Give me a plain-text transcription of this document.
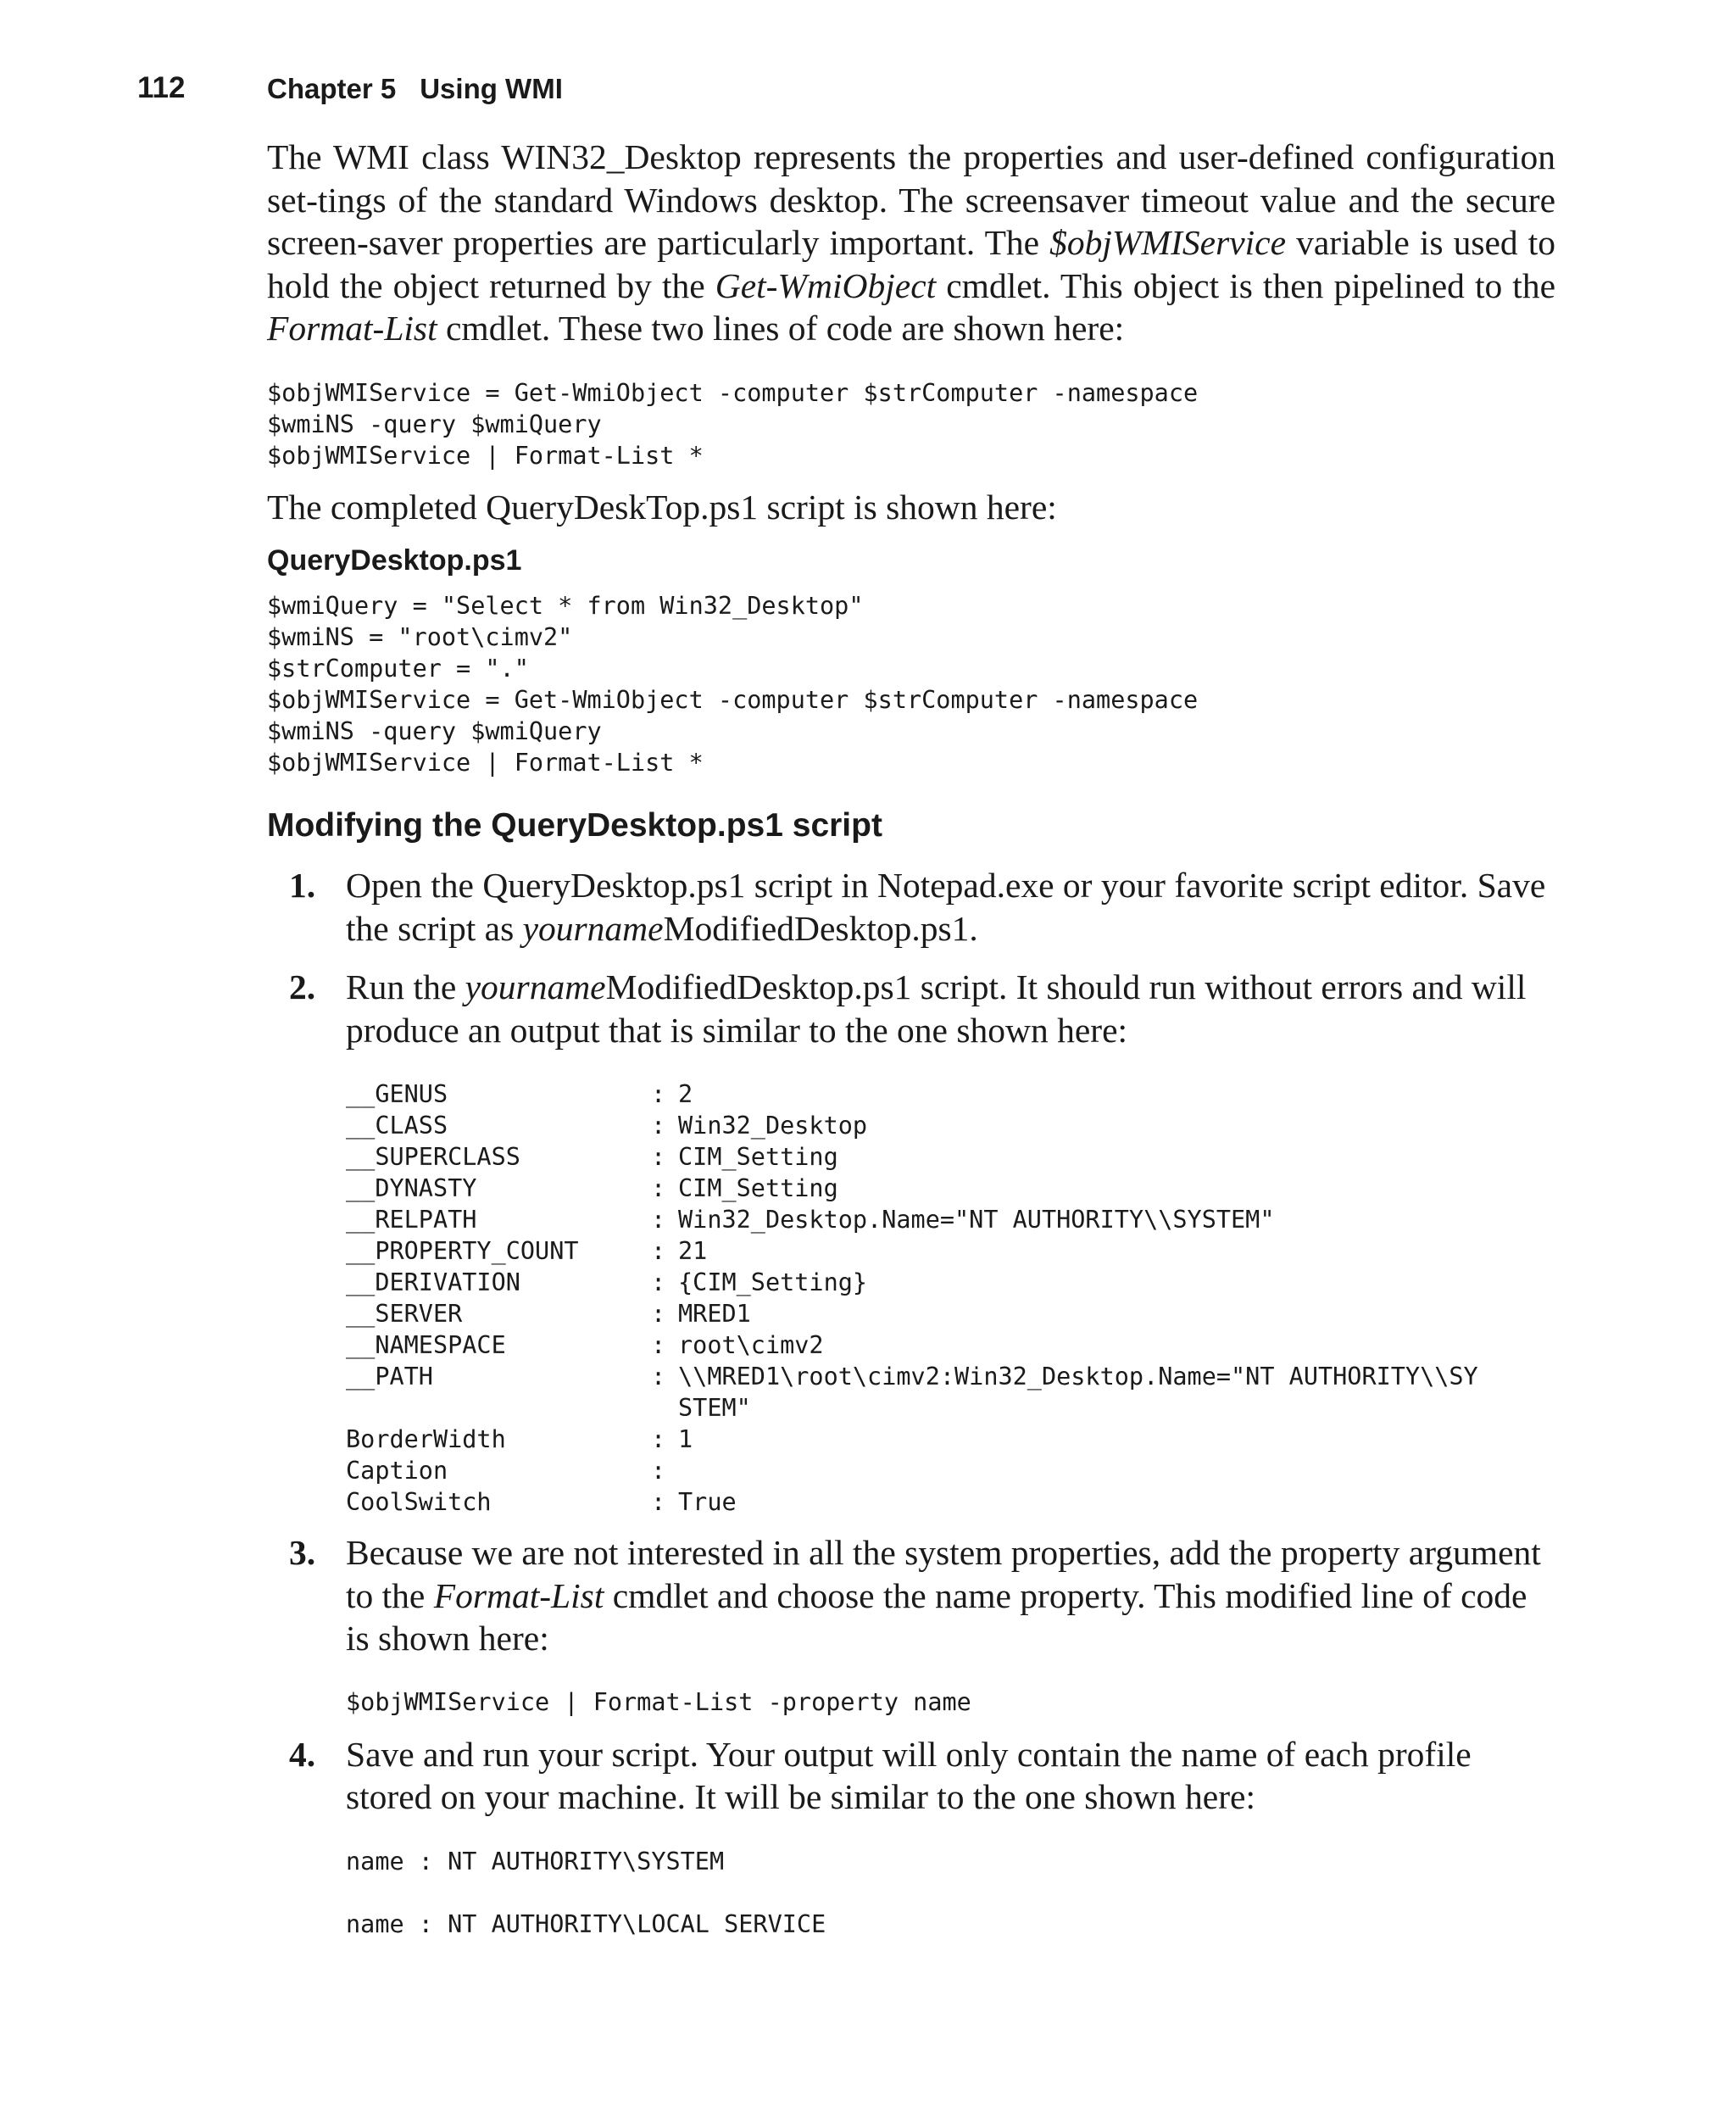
112	Chapter 5 Using WMI

The WMI class WIN32_Desktop represents the properties and user-defined configuration set-tings of the standard Windows desktop. The screensaver timeout value and the secure screen-saver properties are particularly important. The $objWMIService variable is used to hold the object returned by the Get-WmiObject cmdlet. This object is then pipelined to the Format-List cmdlet. These two lines of code are shown here:

$objWMIService = Get-WmiObject -computer $strComputer -namespace
$wmiNS -query $wmiQuery
$objWMIService | Format-List *

The completed QueryDeskTop.ps1 script is shown here:

QueryDesktop.ps1
$wmiQuery = "Select * from Win32_Desktop"
$wmiNS = "root\cimv2"
$strComputer = "."
$objWMIService = Get-WmiObject -computer $strComputer -namespace
$wmiNS -query $wmiQuery
$objWMIService | Format-List *
Modifying the QueryDesktop.ps1 script
1. Open the QueryDesktop.ps1 script in Notepad.exe or your favorite script editor. Save the script as yournameModifiedDesktop.ps1.

2. Run the yournameModifiedDesktop.ps1 script. It should run without errors and will produce an output that is similar to the one shown here:

__GENUS	:	2
__CLASS	:	Win32_Desktop
__SUPERCLASS	:	CIM_Setting
__DYNASTY	:	CIM_Setting
__RELPATH	:	Win32_Desktop.Name="NT AUTHORITY\\SYSTEM"
__PROPERTY_COUNT	:	21
__DERIVATION	:	{CIM_Setting}
__SERVER	:	MRED1
__NAMESPACE	:	root\cimv2
__PATH	:	\\MRED1\root\cimv2:Win32_Desktop.Name="NT AUTHORITY\\SY
STEM"
BorderWidth	:	1
Caption	:	
CoolSwitch	:	True
3. Because we are not interested in all the system properties, add the property argument to the Format-List cmdlet and choose the name property. This modified line of code is shown here:

$objWMIService | Format-List -property name
4. Save and run your script. Your output will only contain the name of each profile stored on your machine. It will be similar to the one shown here:

name : NT AUTHORITY\SYSTEM

name : NT AUTHORITY\LOCAL SERVICE
